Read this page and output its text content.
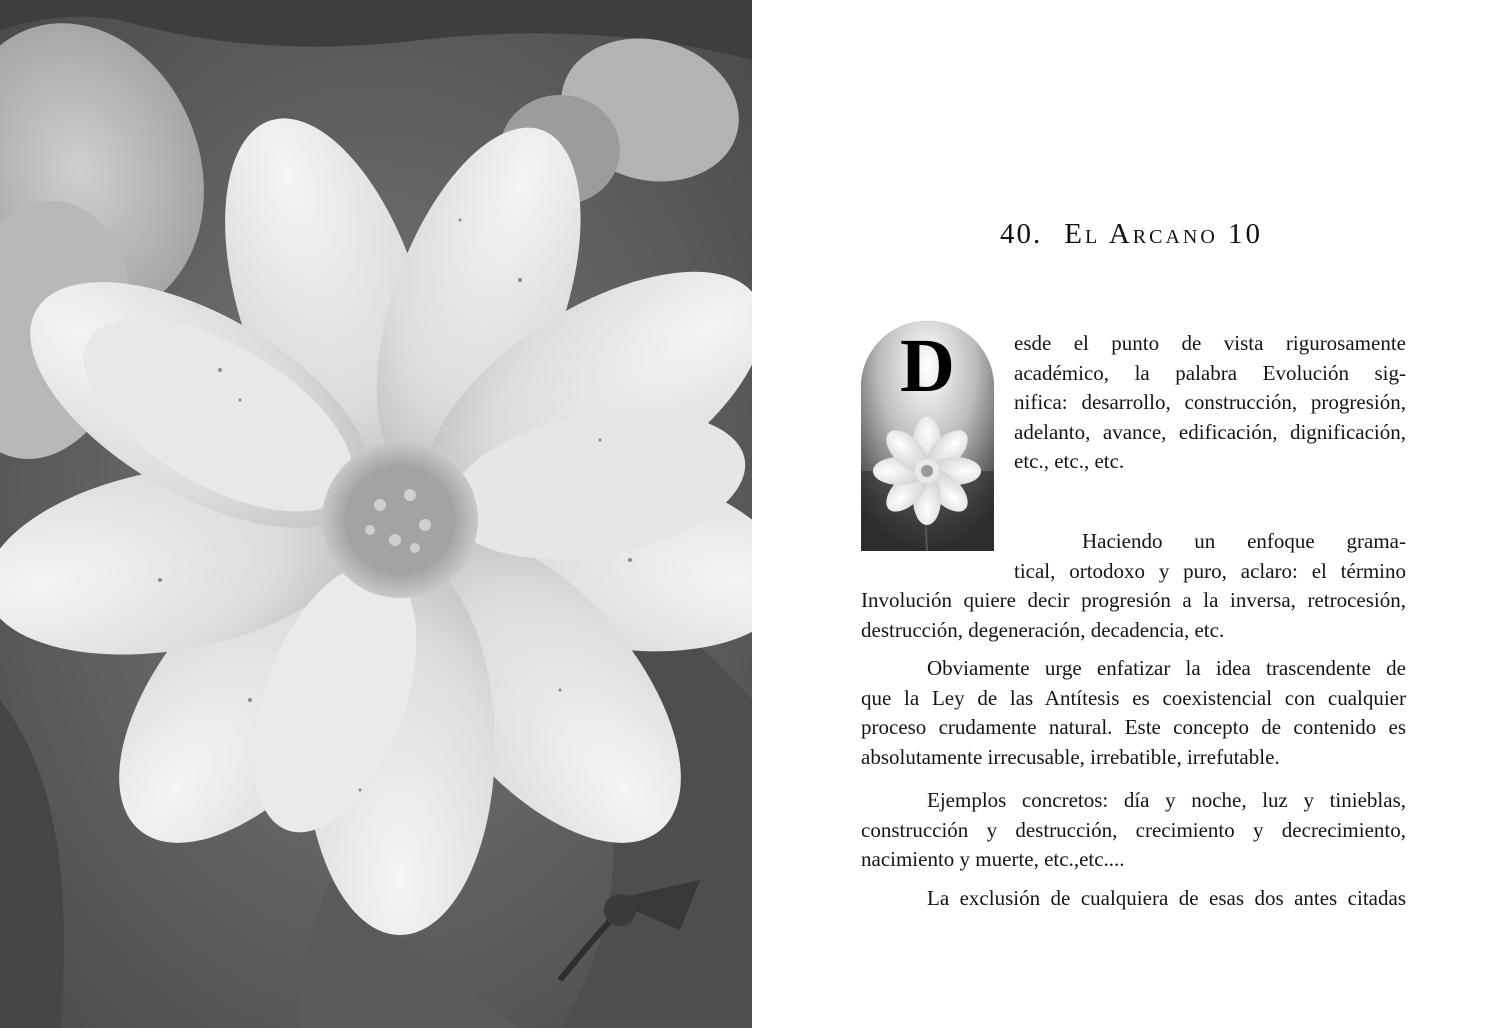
40. El Arcano 10
D	esde el punto de vista rigurosamente
académico, la palabra Evolución sig-
nifica: desarrollo, construcción, progresión,
adelanto, avance, edificación, dignificación,
etc., etc., etc.
Haciendo un enfoque grama-
tical, ortodoxo y puro, aclaro: el término
Involución quiere decir progresión a la inversa, retrocesión,
destrucción, degeneración, decadencia, etc.
Obviamente urge enfatizar la idea trascendente de
que la Ley de las Antítesis es coexistencial con cualquier
proceso crudamente natural. Este concepto de contenido es
absolutamente irrecusable, irrebatible, irrefutable.
Ejemplos concretos: día y noche, luz y tinieblas,
construcción y destrucción, crecimiento y decrecimiento,
nacimiento y muerte, etc.,etc....
La exclusión de cualquiera de esas dos antes citadas
